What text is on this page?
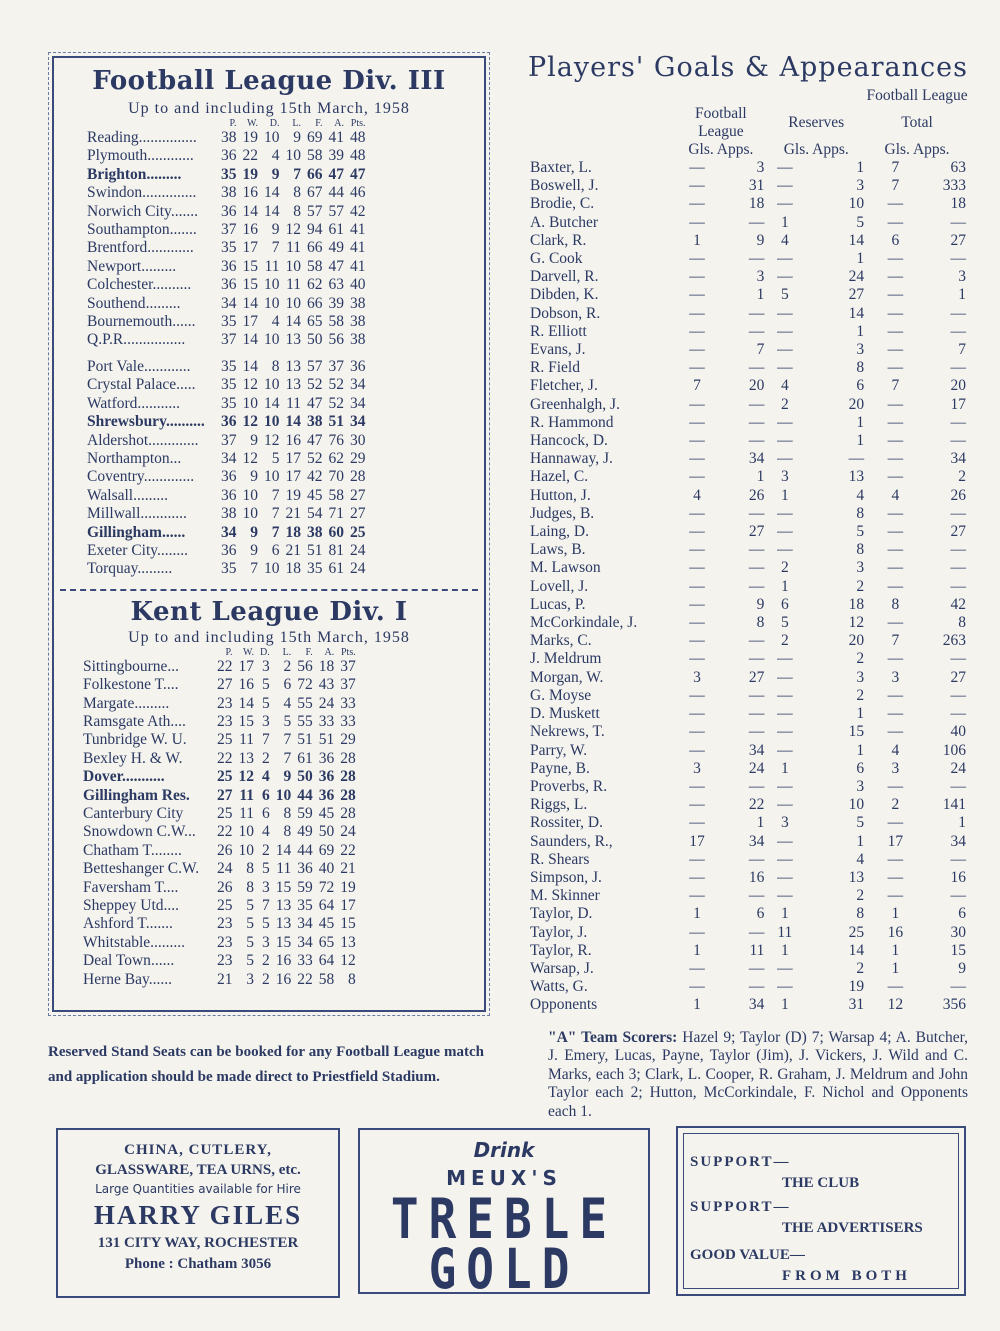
Football League Div. III
Up to and including 15th March, 1958
	P.	W.	D.	L.	F.	A.	Pts.
Reading...............	38	19	10	9	69	41	48
Plymouth............	36	22	4	10	58	39	48
Brighton.........	35	19	9	7	66	47	47
Swindon..............	38	16	14	8	67	44	46
Norwich City.......	36	14	14	8	57	57	42
Southampton.......	37	16	9	12	94	61	41
Brentford............	35	17	7	11	66	49	41
Newport.........	36	15	11	10	58	47	41
Colchester..........	36	15	10	11	62	63	40
Southend.........	34	14	10	10	66	39	38
Bournemouth......	35	17	4	14	65	58	38
Q.P.R................	37	14	10	13	50	56	38
Port Vale............	35	14	8	13	57	37	36
Crystal Palace.....	35	12	10	13	52	52	34
Watford...........	35	10	14	11	47	52	34
Shrewsbury..........	36	12	10	14	38	51	34
Aldershot.............	37	9	12	16	47	76	30
Northampton...	34	12	5	17	52	62	29
Coventry.............	36	9	10	17	42	70	28
Walsall.........	36	10	7	19	45	58	27
Millwall............	38	10	7	21	54	71	27
Gillingham......	34	9	7	18	38	60	25
Exeter City........	36	9	6	21	51	81	24
Torquay.........	35	7	10	18	35	61	24
Kent League Div. I
Up to and including 15th March, 1958
	P.	W.	D.	L.	F.	A.	Pts.
Sittingbourne...	22	17	3	2	56	18	37
Folkestone T....	27	16	5	6	72	43	37
Margate.........	23	14	5	4	55	24	33
Ramsgate Ath....	23	15	3	5	55	33	33
Tunbridge W. U.	25	11	7	7	51	51	29
Bexley H. & W.	22	13	2	7	61	36	28
Dover...........	25	12	4	9	50	36	28
Gillingham Res.	27	11	6	10	44	36	28
Canterbury City	25	11	6	8	59	45	28
Snowdown C.W...	22	10	4	8	49	50	24
Chatham T........	26	10	2	14	44	69	22
Betteshanger C.W.	24	8	5	11	36	40	21
Faversham T....	26	8	3	15	59	72	19
Sheppey Utd....	25	5	7	13	35	64	17
Ashford T.......	23	5	5	13	34	45	15
Whitstable.........	23	5	3	15	34	65	13
Deal Town......	23	5	2	16	33	64	12
Herne Bay......	21	3	2	16	22	58	8
Reserved Stand Seats can be booked for any Football League match and application should be made direct to Priestfield Stadium.
Players' Goals & Appearances
					Football League	
	Football League		Reserves		Total	
	Gls. Apps.		Gls. Apps.		Gls. Apps.	
Baxter, L.	—	3	—	1	7	63
Boswell, J.	—	31	—	3	7	333
Brodie, C.	—	18	—	10	—	18
A. Butcher	—	—	1	5	—	—
Clark, R.	1	9	4	14	6	27
G. Cook	—	—	—	1	—	—
Darvell, R.	—	3	—	24	—	3
Dibden, K.	—	1	5	27	—	1
Dobson, R.	—	—	—	14	—	—
R. Elliott	—	—	—	1	—	—
Evans, J.	—	7	—	3	—	7
R. Field	—	—	—	8	—	—
Fletcher, J.	7	20	4	6	7	20
Greenhalgh, J.	—	—	2	20	—	17
R. Hammond	—	—	—	1	—	—
Hancock, D.	—	—	—	1	—	—
Hannaway, J.	—	34	—	—	—	34
Hazel, C.	—	1	3	13	—	2
Hutton, J.	4	26	1	4	4	26
Judges, B.	—	—	—	8	—	—
Laing, D.	—	27	—	5	—	27
Laws, B.	—	—	—	8	—	—
M. Lawson	—	—	2	3	—	—
Lovell, J.	—	—	1	2	—	—
Lucas, P.	—	9	6	18	8	42
McCorkindale, J.	—	8	5	12	—	8
Marks, C.	—	—	2	20	7	263
J. Meldrum	—	—	—	2	—	—
Morgan, W.	3	27	—	3	3	27
G. Moyse	—	—	—	2	—	—
D. Muskett	—	—	—	1	—	—
Nekrews, T.	—	—	—	15	—	40
Parry, W.	—	34	—	1	4	106
Payne, B.	3	24	1	6	3	24
Proverbs, R.	—	—	—	3	—	—
Riggs, L.	—	22	—	10	2	141
Rossiter, D.	—	1	3	5	—	1
Saunders, R.,	17	34	—	1	17	34
R. Shears	—	—	—	4	—	—
Simpson, J.	—	16	—	13	—	16
M. Skinner	—	—	—	2	—	—
Taylor, D.	1	6	1	8	1	6
Taylor, J.	—	—	11	25	16	30
Taylor, R.	1	11	1	14	1	15
Warsap, J.	—	—	—	2	1	9
Watts, G.	—	—	—	19	—	—
Opponents	1	34	1	31	12	356
"A" Team Scorers: Hazel 9; Taylor (D) 7; Warsap 4; A. Butcher, J. Emery, Lucas, Payne, Taylor (Jim), J. Vickers, J. Wild and C. Marks, each 3; Clark, L. Cooper, R. Graham, J. Meldrum and John Taylor each 2; Hutton, McCorkindale, F. Nichol and Opponents each 1.
CHINA, CUTLERY,
GLASSWARE, TEA URNS, etc.
Large Quantities available for Hire
HARRY GILES
131 CITY WAY, ROCHESTER
Phone : Chatham 3056
Drink
MEUX'S
TREBLE
GOLD
SUPPORT—
THE CLUB
SUPPORT—
THE ADVERTISERS
GOOD VALUE—
FROM BOTH
